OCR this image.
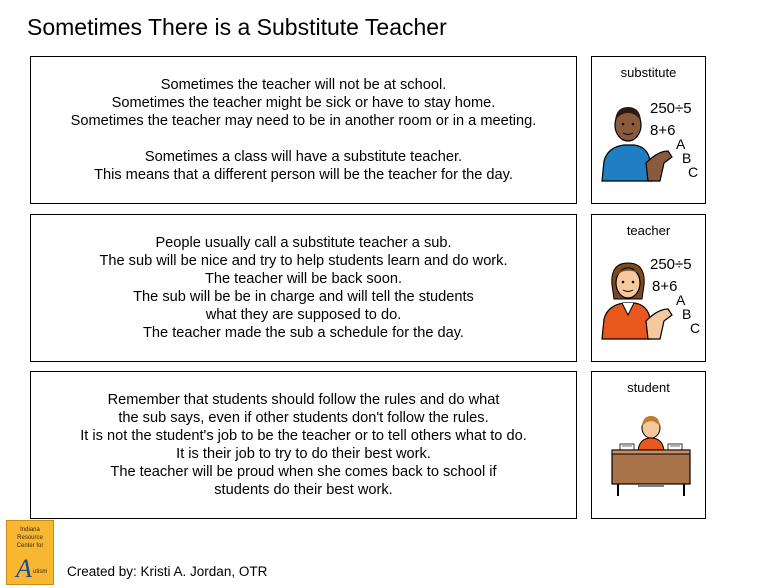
Sometimes There is a Substitute Teacher
Sometimes the teacher will not be at school.
Sometimes the teacher might be sick or have to stay home.
Sometimes the teacher may need to be in another room or in a meeting.
Sometimes a class will have a substitute teacher.
This means that a different person will be the teacher for the day.
substitute
250÷5
8+6
A
B
C
People usually call a substitute teacher a sub.
The sub will be nice and try to help students learn and do work.
The teacher will be back soon.
The sub will be be in charge and will tell the students
what they are supposed to do.
The teacher made the sub a schedule for the day.
teacher
250÷5
8+6
A
B
C
Remember that students should follow the rules and do what
the sub says, even if other students don't follow the rules.
It is not the student's job to be the teacher or to tell others what to do.
It is their job to try to do their best work.
The teacher will be proud when she comes back to school if
students do their best work.
student
Indiana
Resource
Center for
A utism Created by: Kristi A. Jordan, OTR
